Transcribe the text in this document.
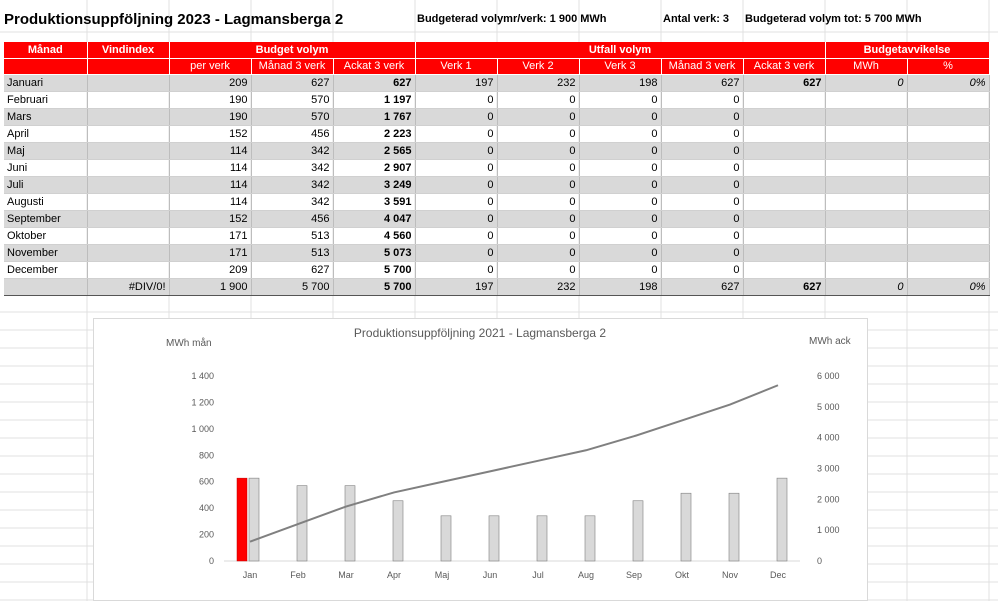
Produktionsuppföljning 2023 - Lagmansberga 2	Budgeterad volymr/verk: 1 900 MWh	Antal verk: 3 Budgeterad volym tot: 5 700 MWh
Månad	Vindindex	Budget volym			Utfall volym					Budgetavvikelse	
		per verk	Månad 3 verk	Ackat 3 verk	Verk 1	Verk 2	Verk 3	Månad 3 verk	Ackat 3 verk	MWh	%
Januari		209	627	627	197	232	198	627	627	0	0%
Februari		190	570	1 197	0	0	0	0			
Mars		190	570	1 767	0	0	0	0			
April		152	456	2 223	0	0	0	0			
Maj		114	342	2 565	0	0	0	0			
Juni		114	342	2 907	0	0	0	0			
Juli		114	342	3 249	0	0	0	0			
Augusti		114	342	3 591	0	0	0	0			
September		152	456	4 047	0	0	0	0			
Oktober		171	513	4 560	0	0	0	0			
November		171	513	5 073	0	0	0	0			
December		209	627	5 700	0	0	0	0			
	#DIV/0!	1 900	5 700	5 700	197	232	198	627	627	0	0%
Produktionsuppföljning 2021 - Lagmansberga 2
MWh mån	MWh ack
0
200
400
600
800
1 000
1 200
1 400
0
1 000
2 000
3 000
4 000
5 000
6 000
Jan	Feb	Mar	Apr	Maj	Jun	Jul	Aug	Sep	Okt	Nov	Dec
